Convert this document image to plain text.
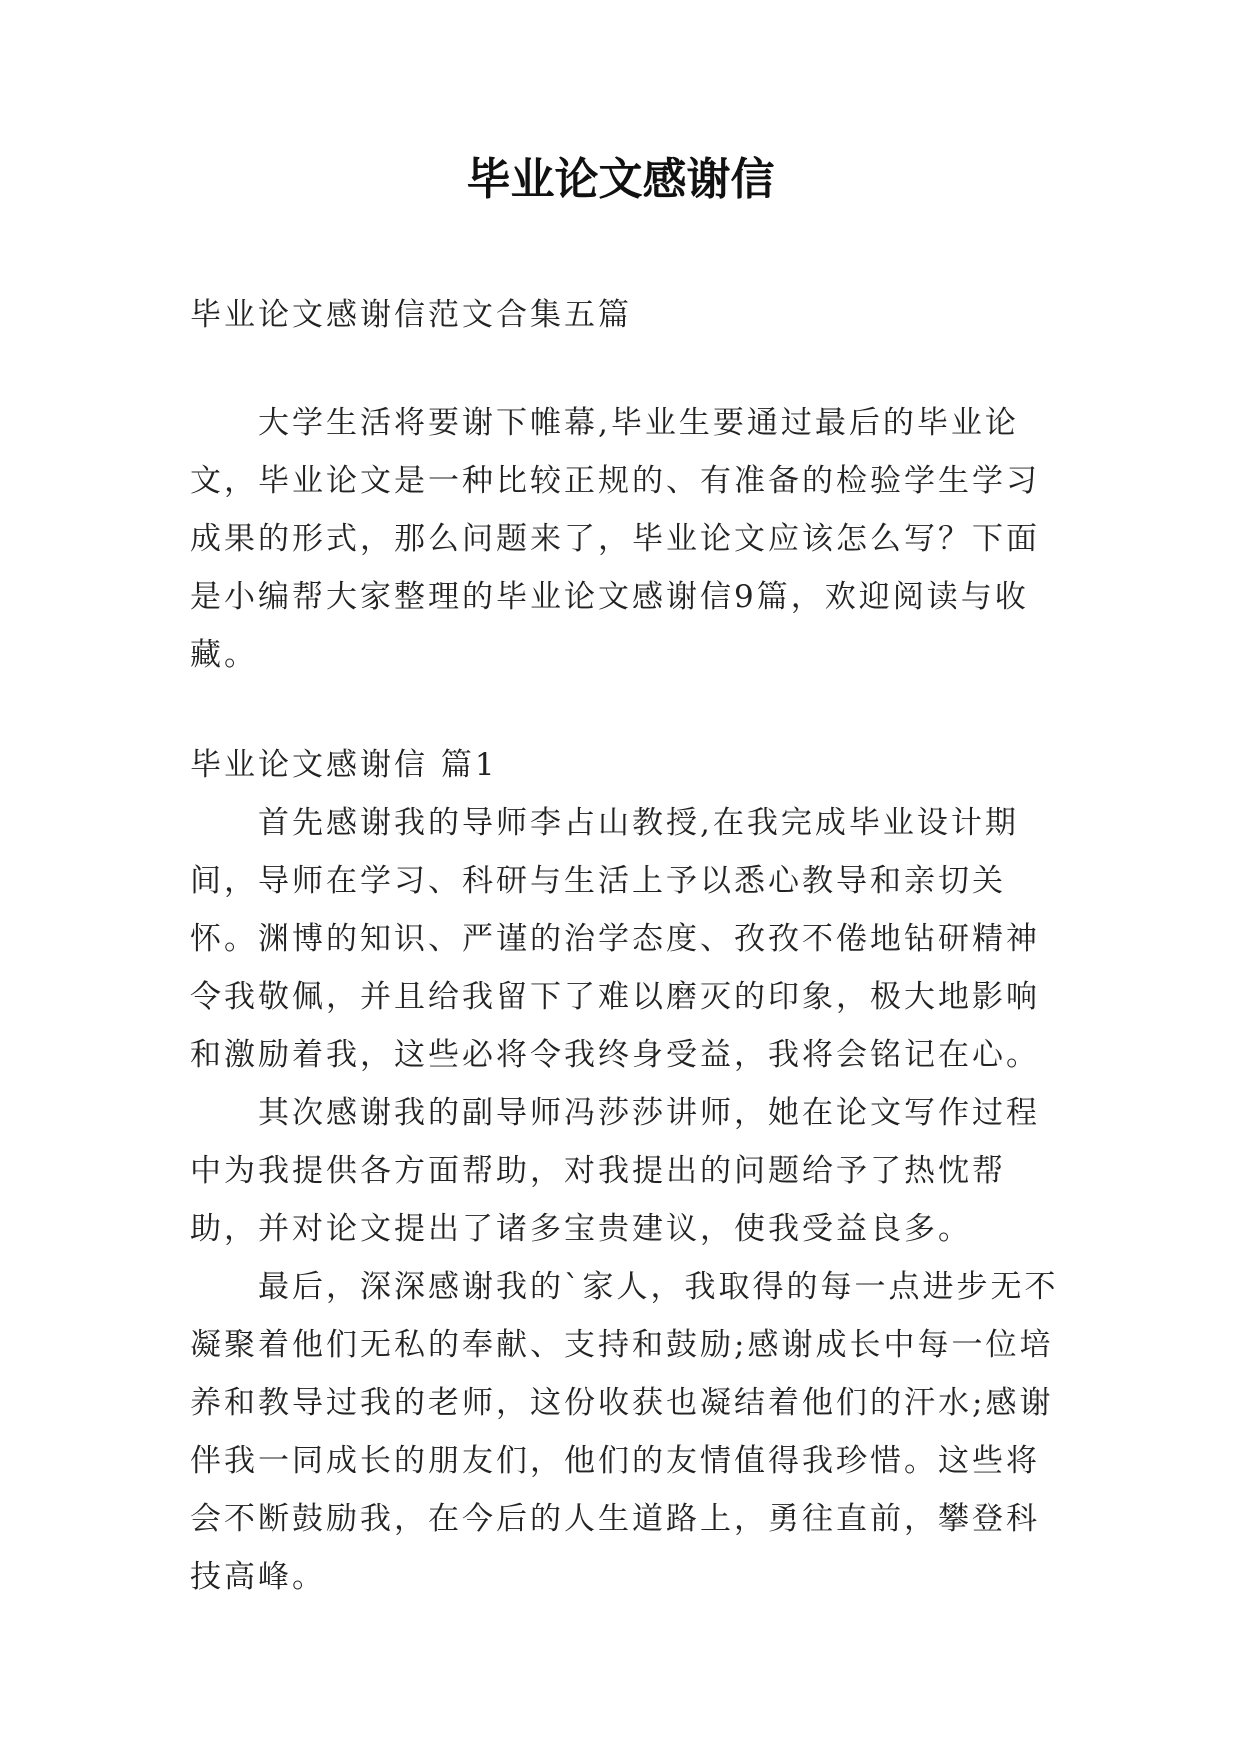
毕业论文感谢信

毕业论文感谢信范文合集五篇

大学生活将要谢下帷幕,毕业生要通过最后的毕业论文，毕业论文是一种比较正规的、有准备的检验学生学习成果的形式，那么问题来了，毕业论文应该怎么写？下面是小编帮大家整理的毕业论文感谢信9篇，欢迎阅读与收藏。

毕业论文感谢信 篇1

首先感谢我的导师李占山教授,在我完成毕业设计期间，导师在学习、科研与生活上予以悉心教导和亲切关怀。渊博的知识、严谨的治学态度、孜孜不倦地钻研精神令我敬佩，并且给我留下了难以磨灭的印象，极大地影响和激励着我，这些必将令我终身受益，我将会铭记在心。

其次感谢我的副导师冯莎莎讲师，她在论文写作过程中为我提供各方面帮助，对我提出的问题给予了热忱帮助，并对论文提出了诸多宝贵建议，使我受益良多。

最后，深深感谢我的`家人，我取得的每一点进步无不凝聚着他们无私的奉献、支持和鼓励;感谢成长中每一位培养和教导过我的老师，这份收获也凝结着他们的汗水;感谢伴我一同成长的朋友们，他们的友情值得我珍惜。这些将会不断鼓励我，在今后的人生道路上，勇往直前，攀登科技高峰。
